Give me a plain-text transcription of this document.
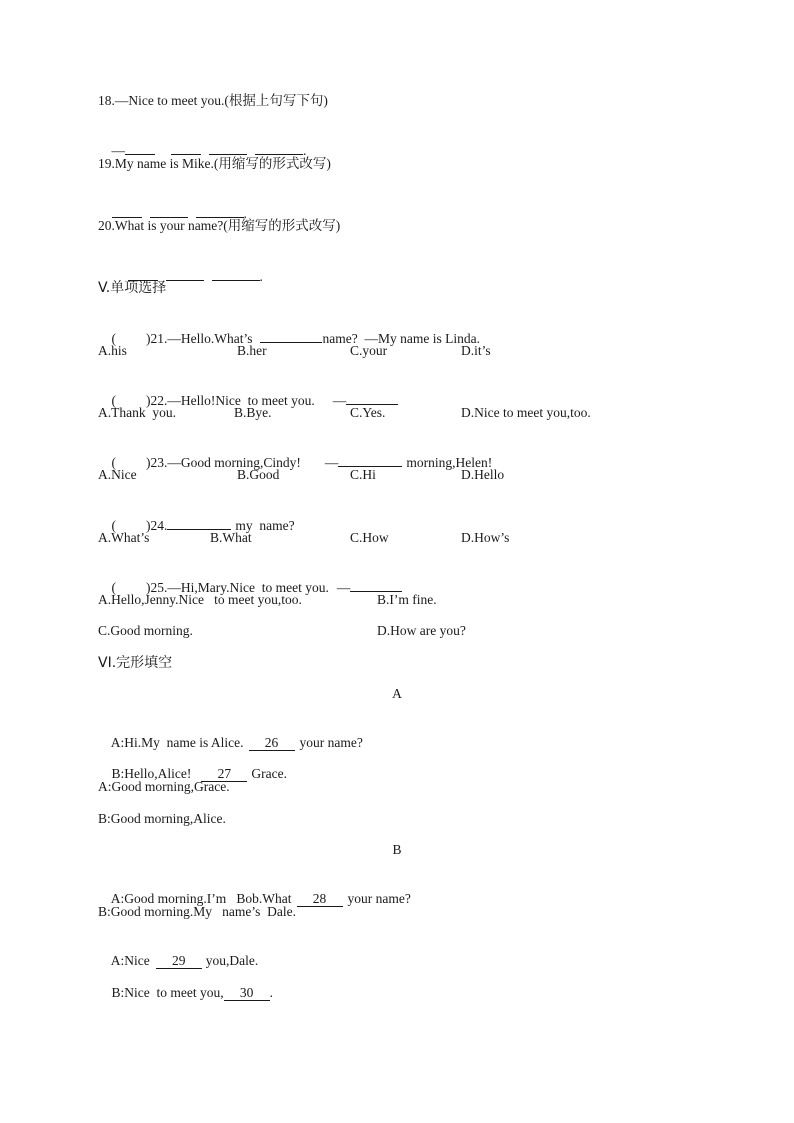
18.—Nice to meet you.(根据上句写下句)

—	.

19.My name is Mike.(用缩写的形式改写)

.

20.What is your name?(用缩写的形式改写)

.

V.单项选择

( )21.—Hello.What’s	name?  —My name is Linda.

A.his	B.her	C.your	D.it’s

( )22.—Hello!Nice  to meet you. —

A.Thank  you.	B.Bye.	C.Yes.	D.Nice to meet you,too.

( )23.—Good morning,Cindy! —	morning,Helen!

A.Nice	B.Good	C.Hi	D.Hello

( )24.	my  name?

A.What’s	B.What	C.How	D.How’s

( )25.—Hi,Mary.Nice  to meet you. —

A.Hello,Jenny.Nice   to meet you,too.	B.I’m fine.
C.Good morning.	D.How are you?
VI.完形填空
A

A:Hi.My  name is Alice. 26 your name?

B:Hello,Alice! 27 Grace.

A:Good morning,Grace.
B:Good morning,Alice.
B

A:Good morning.I’m   Bob.What 28 your name?

B:Good morning.My   name’s  Dale.

A:Nice 29 you,Dale.

B:Nice  to meet you, 30 .
